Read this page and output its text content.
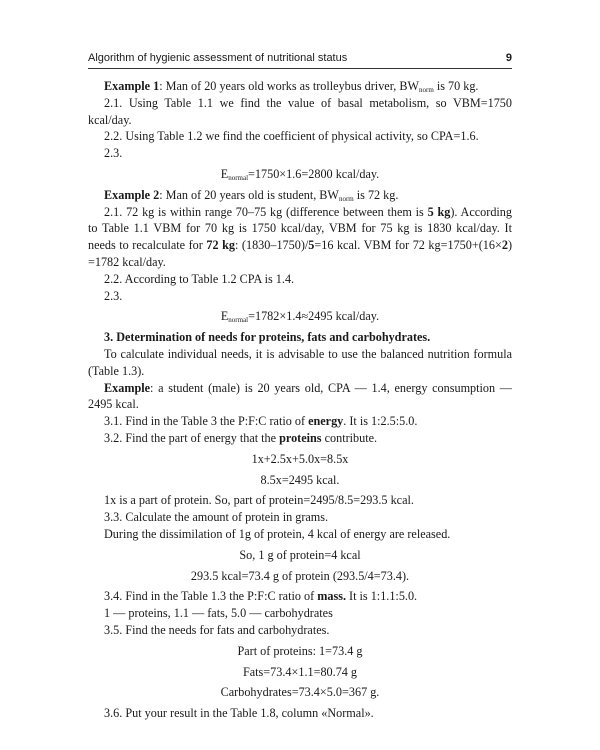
Algorithm of hygienic assessment of nutritional status	9

Example 1: Man of 20 years old works as trolleybus driver, $BW_{norm}$ is 70 kg.

2.1. Using Table 1.1 we find the value of basal metabolism, so VBM=1750 kcal/day.

2.2. Using Table 1.2 we find the coefficient of physical activity, so CPA=1.6.

2.3.

$E_{normal}=1750\times 1.6=2800$ kcal/day.

Example 2: Man of 20 years old is student, $BW_{norm}$ is 72 kg.

2.1. 72 kg is within range 70–75 kg (difference between them is 5 kg). According to Table 1.1 VBM for 70 kg is 1750 kcal/day, VBM for 75 kg is 1830 kcal/day. It needs to recalculate for 72 kg: (1830–1750)/5=16 kcal. VBM for 72 kg=1750+(16×2) =1782 kcal/day.

2.2. According to Table 1.2 CPA is 1.4.

2.3.

$E_{normal}=1782\times 1.4\approx 2495$ kcal/day.

3. Determination of needs for proteins, fats and carbohydrates.

To calculate individual needs, it is advisable to use the balanced nutrition formula (Table 1.3).

Example: a student (male) is 20 years old, CPA — 1.4, energy consumption — 2495 kcal.

3.1. Find in the Table 3 the P:F:C ratio of energy. It is 1:2.5:5.0.

3.2. Find the part of energy that the proteins contribute.

1x+2.5x+5.0x=8.5x

8.5x=2495 kcal.

1x is a part of protein. So, part of protein=2495/8.5=293.5 kcal.

3.3. Calculate the amount of protein in grams.

During the dissimilation of 1g of protein, 4 kcal of energy are released.

So, 1 g of protein=4 kcal

293.5 kcal=73.4 g of protein (293.5/4=73.4).

3.4. Find in the Table 1.3 the P:F:C ratio of mass. It is 1:1.1:5.0.

1 — proteins, 1.1 — fats, 5.0 — carbohydrates

3.5. Find the needs for fats and carbohydrates.

Part of proteins: 1=73.4 g

Fats=73.4×1.1=80.74 g

Carbohydrates=73.4×5.0=367 g.

3.6. Put your result in the Table 1.8, column «Normal».
